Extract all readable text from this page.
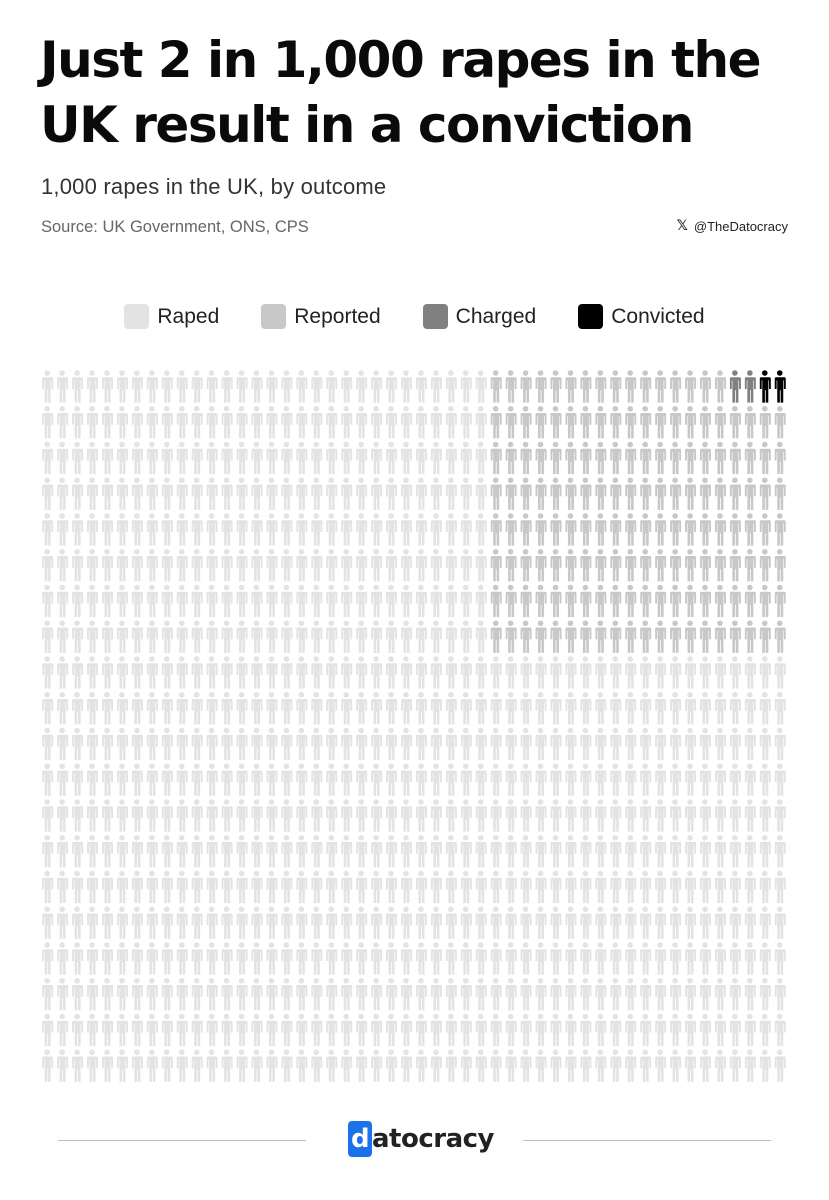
Just 2 in 1,000 rapes in the UK result in a conviction
1,000 rapes in the UK, by outcome
Source: UK Government, ONS, CPS	𝕏 @TheDatocracy
Raped	Reported	Charged	Convicted
d atocracy
